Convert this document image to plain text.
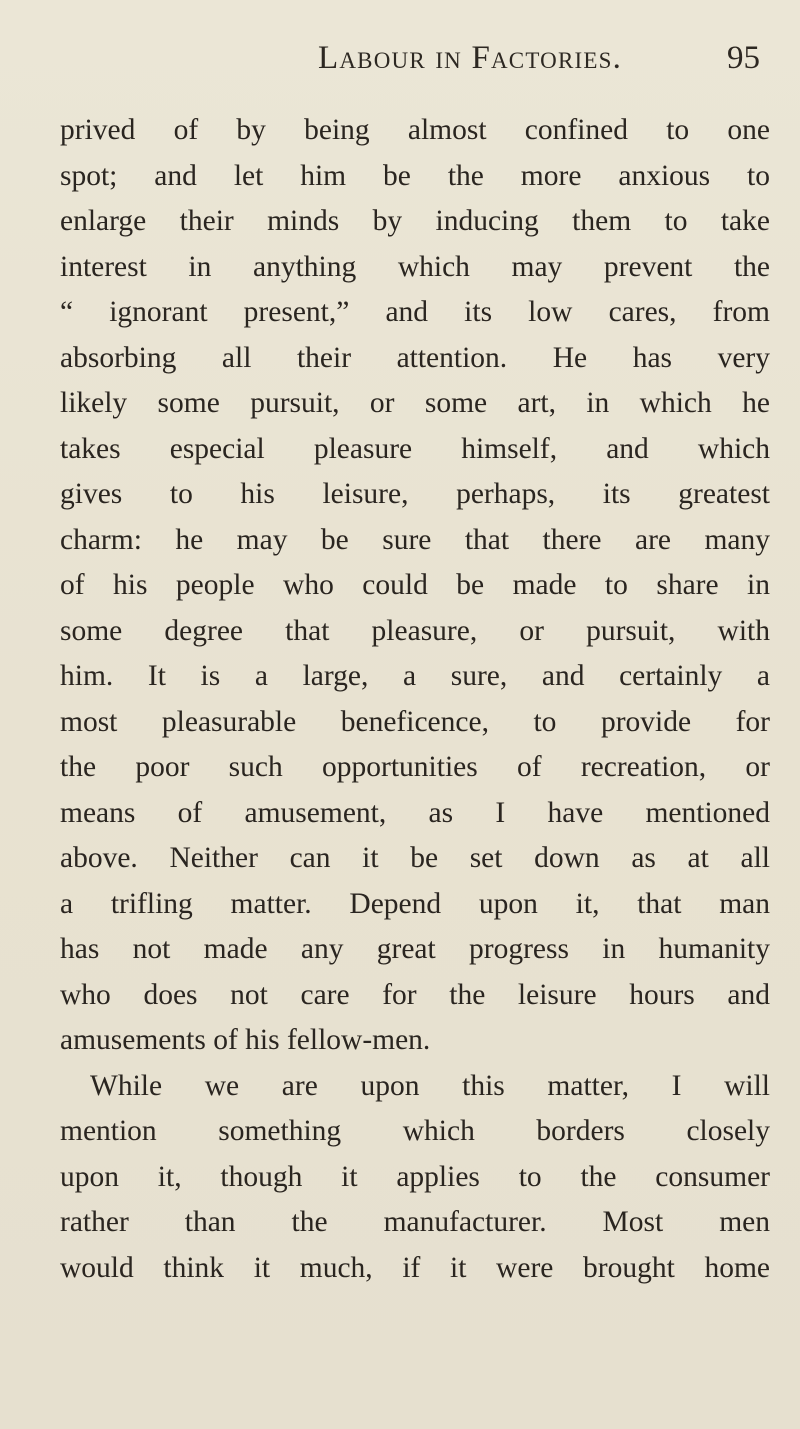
Labour in Factories.	95
prived of by being almost confined to one
spot; and let him be the more anxious to
enlarge their minds by inducing them to take
interest in anything which may prevent the
“ ignorant present,” and its low cares, from
absorbing all their attention. He has very
likely some pursuit, or some art, in which he
takes especial pleasure himself, and which
gives to his leisure, perhaps, its greatest
charm: he may be sure that there are many
of his people who could be made to share in
some degree that pleasure, or pursuit, with
him. It is a large, a sure, and certainly a
most pleasurable beneficence, to provide for
the poor such opportunities of recreation, or
means of amusement, as I have mentioned
above. Neither can it be set down as at all
a trifling matter. Depend upon it, that man
has not made any great progress in humanity
who does not care for the leisure hours and
amusements of his fellow-men.
While we are upon this matter, I will
mention something which borders closely
upon it, though it applies to the consumer
rather than the manufacturer. Most men
would think it much, if it were brought home
